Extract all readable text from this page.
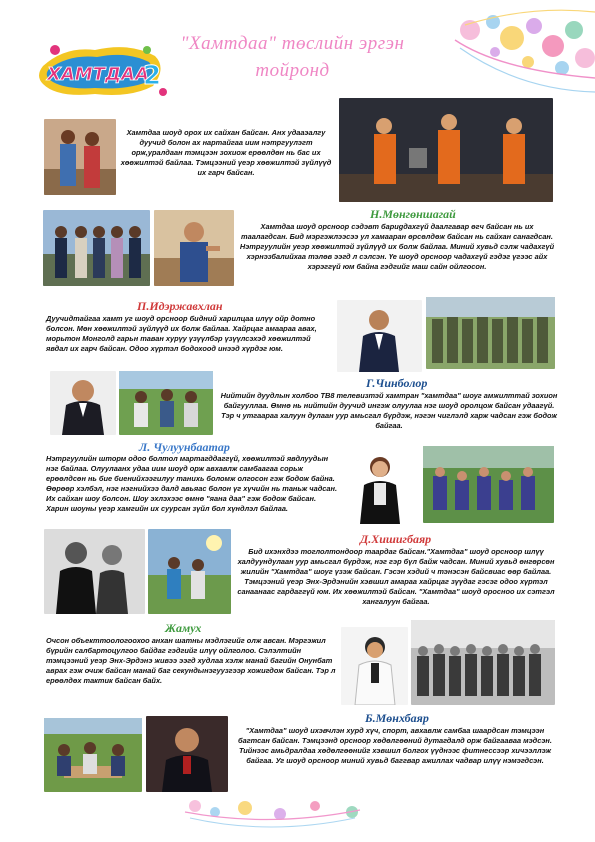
ХАМТДАА
2
"Хамтдаа" төслийн эргэн
тойронд
Хамтдаа шоуд орох их сайхан байсан. Анх удааэалгу дуучид болон ах нартайгаа иим нэтргуулэгт орж,уралдаан тэмцээн зохиож ерөөлдөн нь бас их хөөжилтэй байлаа. Тэмцээний үеэр хөөжилтэй зүйлүүд их гарч байсан.
Н.Мөнгөншагай
Хамтдаа шоуд орсноор сэдэвт бариgдахгүй даалгавар өгч байсан нь их таалагдсан. Бид мэргэжлээсээ ул хамааран өрсөлдөж байсан нь сайхан санагдсан. Нэтргуулийн уеэр хөөжилтэй зүйлүүд их болж байлаа. Миний хувьд сэлж чадахгүй хэрнэзбалийхаа тэлөв ээгд л сэлсэн. Үе шоуд орсноор чадахгүй гэдэг үгээс айх хэрэггүй юм байна гэдгийг маш сайн ойлгосон.
П.Идэржавхлан
Дуучидтайгаа хамт уг шоуд орсноор бидний харилцаа илүү ойр дотно болсон. Мөн хөөжилтэй зүйлүүд их болж байлаа. Хайрцаг амаараа авах, морьтон Монголд гарьн таван хурүу үзүүлбэр үзүүлсэхэд хөөжилтэй явдал их гарч байсан. Одоо хүртэл бодохоод инээд хүрдэг юм.
Г.Чинболор
Нийтийн дуудлын холбоо ТВ8 телевизтэй хамтран "хамтдаа" шоуг амжилттай зохион байгууллаа. Өмнө нь нийтийн дуучид ингэж олуулаа нэг шоуд оролцож байсан удаагүй. Тэр ч утгаараа халуун дулаан уур амьсгал бүрдэж, нэгэн чиглэлд харж чадсан гэж бодож байгаа.
Л. Чулуунбаатар
Нэтргуулийн шторм одоо болтол мартагддаггүй, хөөжилтэй явдлуудын нэг байлаа. Олуулаанх удаа иим шоуд орж авхавлж самбаагаа сорьж ерөөлдсөн нь бие биенийхээгилуу танихь боломж олгосон гэж бодож байна. Өөрөөр хэлбэл, нэг нэгнийхээ далд авьяас болон үг хүчийн нь таньж чадсан. Их сайхан шоу болсон. Шоу эхлэхээс өмнө "яана даа" гэж бодож байсан. Харин шоуны үеэр хамгийн их суурсан зүйл бол хүндлэл байлаа.
Д.Хишигбаяр
Бид ихэнхдээ тоглолтондоор таардаг байсан."Хамтдаа" шоуд орсноор шлүү халдуундулаан уур амьсгал бүрдэж, нэг гэр бүл байж чадсан. Миний хувьд өнгөрсөн жилийн "Хамтдаа" шоуг үзэж байсан. Гэсэн хэдий ч тэнэсэн байсвиас өөр байлаа. Тэмцээний үеэр Энх-Эрдэнийн хэвшил амараа хайрцаг зүүдаг гэсэг одоо хүртэл санаанааc гардаггүй юм. Их хөөжилтэй байсан. "Хамтдаа" шоуд оросноо их сэтгэл хангалуун байгаа.
Жамух
Очсон объекттоологоохоо анхан шатны мэдлэгийг олж авсан. Мэргэжил бүрийн салбартоцулгоо байдаг гэдгийг илүү ойлголоо. Сэлэлтийн тэмцээний уеэр Энх-Эрдэнэ живээ ээгд худлаа хэлж манай багийн Онунбат авраx гэж очиж байсан манай баг секундынэгуузгээр хожигдож байсан. Тэр л ерөөлдөх тактик байсан байх.
Б.Мөнхбаяр
"Хамтдаа" шоуд ихэвчлэн хурд хүч, спорт, авхавлж самбаа шаардсан тэмцээн багтсан байсан. Тэмцээнд орсноор хөдөлгөөний дутагдалд орж байгааваа мэдсэн. Тийнээс амьдралдаа хөдөлгөөнийг хэвшил болгох үүднээс фитнессээр хичээллэж байгаа. Уг шоуд орсноор миний хувьд баггвар ажиллах чадвар илүү нэмэгдсэн.
